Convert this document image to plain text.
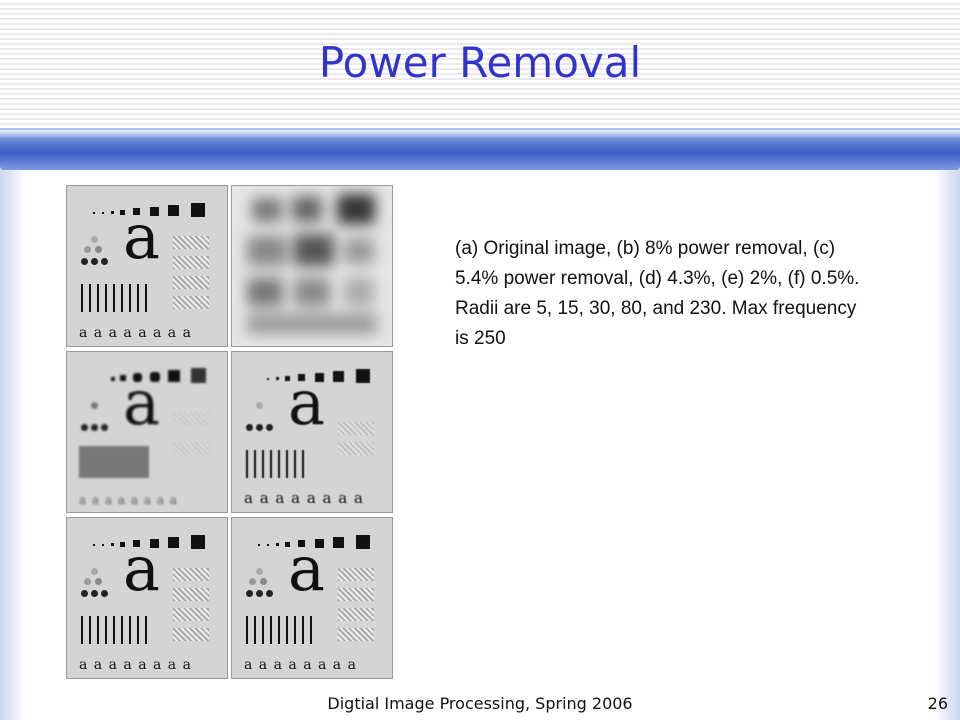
Power Removal
a
a a a a a a a a
a
a a a a a a a a
a
a a a a a a a a
a
a a a a a a a a
a
a a a a a a a a
(a) Original image, (b) 8% power removal, (c) 5.4% power removal, (d) 4.3%, (e) 2%, (f) 0.5%. Radii are 5, 15, 30, 80, and 230. Max frequency is 250
Digtial Image Processing, Spring 2006	26
